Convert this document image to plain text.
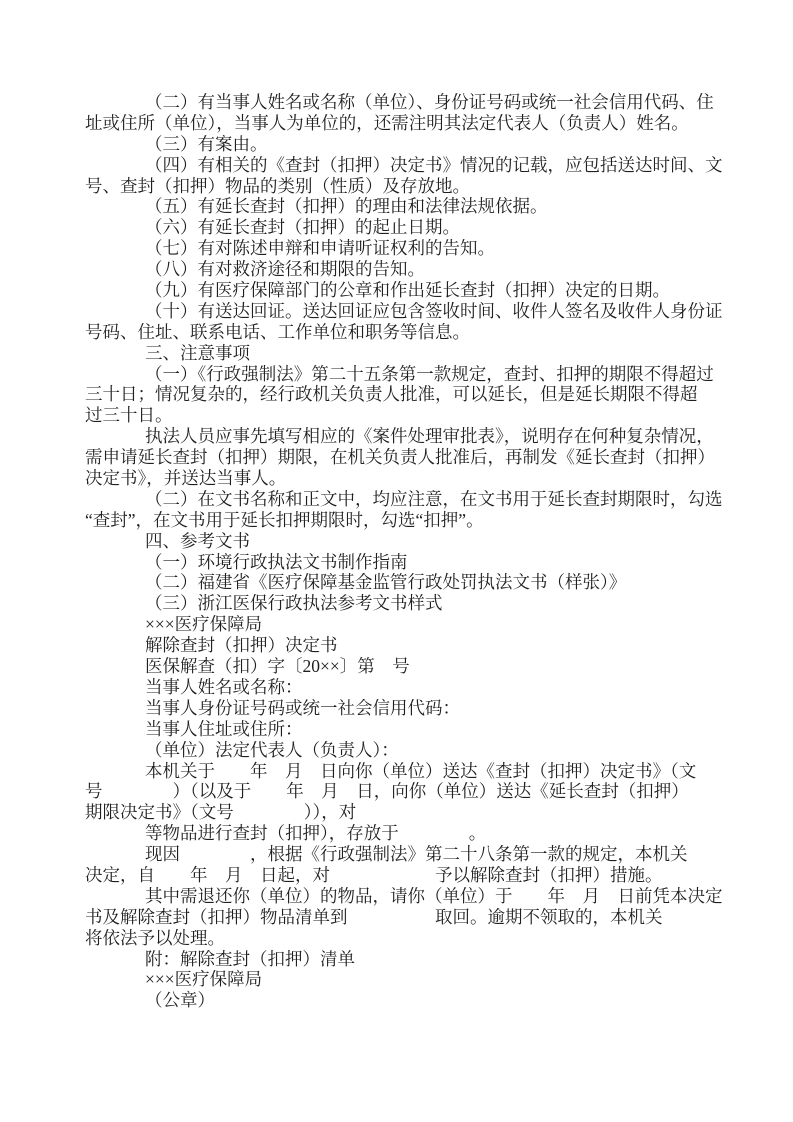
（二）有当事人姓名或名称（单位）、身份证号码或统一社会信用代码、住
址或住所（单位），当事人为单位的，还需注明其法定代表人（负责人）姓名。
（三）有案由。
（四）有相关的《查封（扣押）决定书》情况的记载，应包括送达时间、文
号、查封（扣押）物品的类别（性质）及存放地。
（五）有延长查封（扣押）的理由和法律法规依据。
（六）有延长查封（扣押）的起止日期。
（七）有对陈述申辩和申请听证权利的告知。
（八）有对救济途径和期限的告知。
（九）有医疗保障部门的公章和作出延长查封（扣押）决定的日期。
（十）有送达回证。送达回证应包含签收时间、收件人签名及收件人身份证
号码、住址、联系电话、工作单位和职务等信息。
三、注意事项
（一）《行政强制法》第二十五条第一款规定，查封、扣押的期限不得超过
三十日；情况复杂的，经行政机关负责人批准，可以延长，但是延长期限不得超
过三十日。
执法人员应事先填写相应的《案件处理审批表》，说明存在何种复杂情况，
需申请延长查封（扣押）期限，在机关负责人批准后，再制发《延长查封（扣押）
决定书》，并送达当事人。
（二）在文书名称和正文中，均应注意，在文书用于延长查封期限时，勾选
“查封”，在文书用于延长扣押期限时，勾选“扣押”。
四、参考文书
（一）环境行政执法文书制作指南
（二）福建省《医疗保障基金监管行政处罚执法文书（样张）》
（三）浙江医保行政执法参考文书样式
×××医疗保障局
解除查封（扣押）决定书
医保解查（扣）字〔20××〕第　号
当事人姓名或名称：
当事人身份证号码或统一社会信用代码：
当事人住址或住所：
（单位）法定代表人（负责人）：
本机关于　　年　月　日向你（单位）送达《查封（扣押）决定书》（文
号　　　　）（以及于　　年　月　日，向你（单位）送达《延长查封（扣押）
期限决定书》（文号　　　　）），对
等物品进行查封（扣押），存放于　　　　。
现因　　　　，根据《行政强制法》第二十八条第一款的规定，本机关
决定，自　　年　月　日起，对　　　　　　予以解除查封（扣押）措施。
其中需退还你（单位）的物品，请你（单位）于　　年　月　日前凭本决定
书及解除查封（扣押）物品清单到　　　　　取回。逾期不领取的，本机关
将依法予以处理。
附：解除查封（扣押）清单
×××医疗保障局
（公章）
